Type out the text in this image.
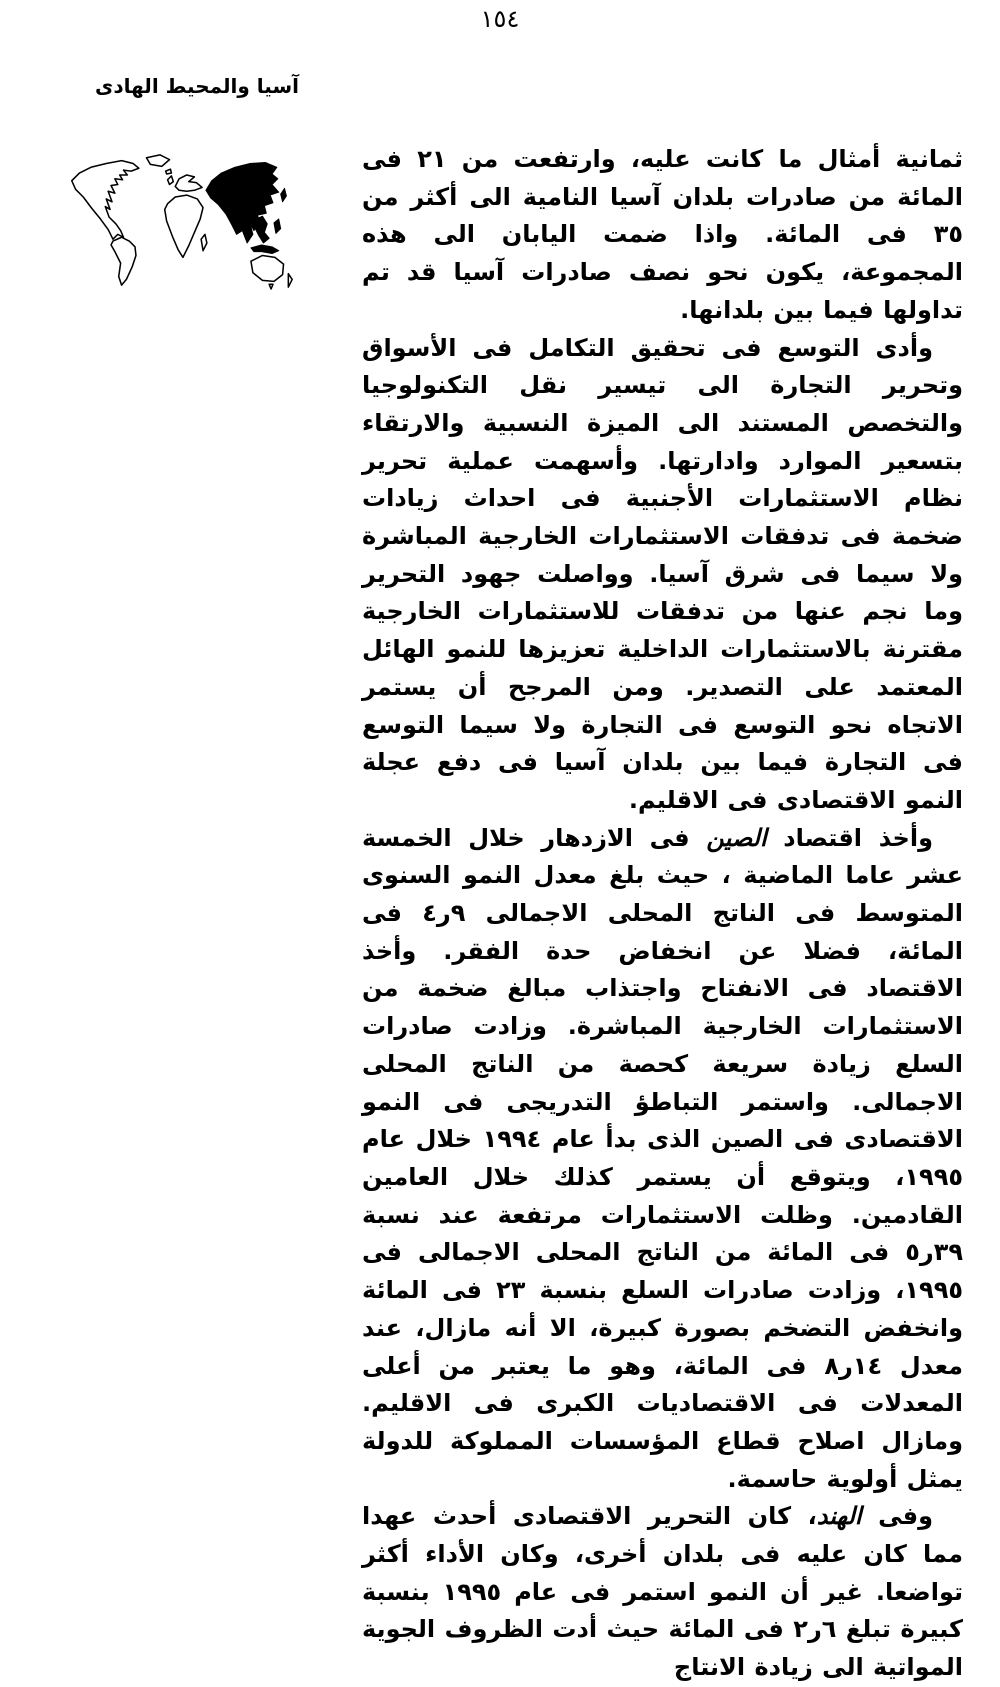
١٥٤
آسيا والمحيط الهادى

ثمانية أمثال ما كانت عليه، وارتفعت من ٢١ فى المائة من صادرات بلدان آسيا النامية الى أكثر من ٣٥ فى المائة. واذا ضمت اليابان الى هذه المجموعة، يكون نحو نصف صادرات آسيا قد تم تداولها فيما بين بلدانها.

وأدى التوسع فى تحقيق التكامل فى الأسواق وتحرير التجارة الى تيسير نقل التكنولوجيا والتخصص المستند الى الميزة النسبية والارتقاء بتسعير الموارد وادارتها. وأسهمت عملية تحرير نظام الاستثمارات الأجنبية فى احداث زيادات ضخمة فى تدفقات الاستثمارات الخارجية المباشرة ولا سيما فى شرق آسيا. وواصلت جهود التحرير وما نجم عنها من تدفقات للاستثمارات الخارجية مقترنة بالاستثمارات الداخلية تعزيزها للنمو الهائل المعتمد على التصدير. ومن المرجح أن يستمر الاتجاه نحو التوسع فى التجارة ولا سيما التوسع فى التجارة فيما بين بلدان آسيا فى دفع عجلة النمو الاقتصادى فى الاقليم.

وأخذ اقتصاد الصين فى الازدهار خلال الخمسة عشر عاما الماضية ، حيث بلغ معدل النمو السنوى المتوسط فى الناتج المحلى الاجمالى ٩ر٤ فى المائة، فضلا عن انخفاض حدة الفقر. وأخذ الاقتصاد فى الانفتاح واجتذاب مبالغ ضخمة من الاستثمارات الخارجية المباشرة. وزادت صادرات السلع زيادة سريعة كحصة من الناتج المحلى الاجمالى. واستمر التباطؤ التدريجى فى النمو الاقتصادى فى الصين الذى بدأ عام ١٩٩٤ خلال عام ١٩٩٥، ويتوقع أن يستمر كذلك خلال العامين القادمين. وظلت الاستثمارات مرتفعة عند نسبة ٣٩ر٥ فى المائة من الناتج المحلى الاجمالى فى ١٩٩٥، وزادت صادرات السلع بنسبة ٢٣ فى المائة وانخفض التضخم بصورة كبيرة، الا أنه مازال، عند معدل ١٤ر٨ فى المائة، وهو ما يعتبر من أعلى المعدلات فى الاقتصاديات الكبرى فى الاقليم. ومازال اصلاح قطاع المؤسسات المملوكة للدولة يمثل أولوية حاسمة.

وفى الهند، كان التحرير الاقتصادى أحدث عهدا مما كان عليه فى بلدان أخرى، وكان الأداء أكثر تواضعا. غير أن النمو استمر فى عام ١٩٩٥ بنسبة كبيرة تبلغ ٦ر٢ فى المائة حيث أدت الظروف الجوية المواتية الى زيادة الانتاج
